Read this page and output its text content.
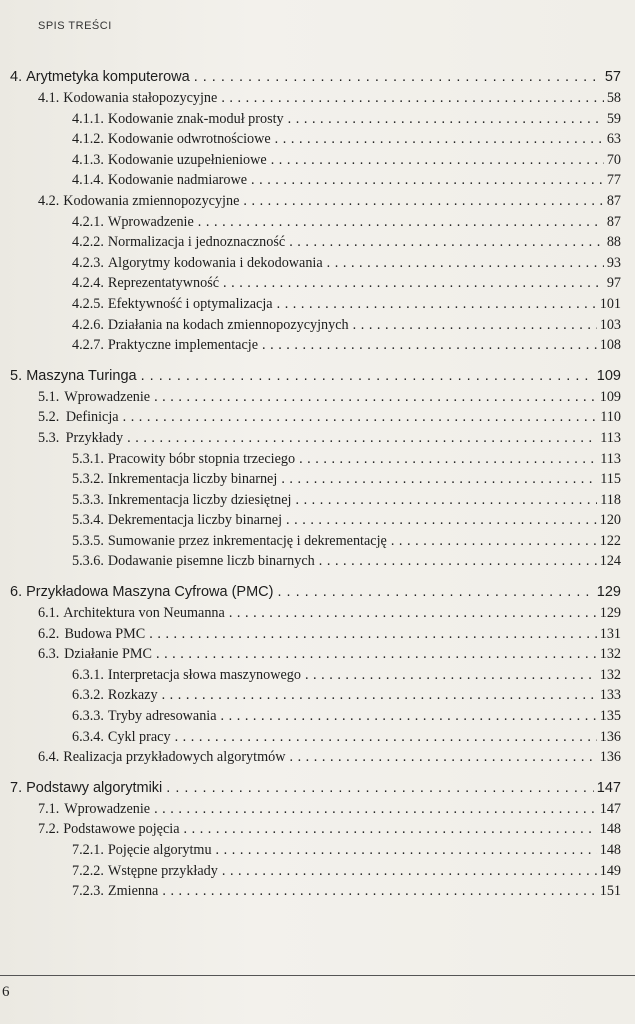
SPIS TREŚCI
4. Arytmetyka komputerowa . . .	57
4.1. Kodowania stałopozycyjne . . .	58
4.1.1. Kodowanie znak-moduł prosty . . .	59
4.1.2. Kodowanie odwrotnościowe . . .	63
4.1.3. Kodowanie uzupełnieniowe . . .	70
4.1.4. Kodowanie nadmiarowe . . .	77
4.2. Kodowania zmiennopozycyjne . . .	87
4.2.1. Wprowadzenie . . .	87
4.2.2. Normalizacja i jednoznaczność . . .	88
4.2.3. Algorytmy kodowania i dekodowania . . .	93
4.2.4. Reprezentatywność . . .	97
4.2.5. Efektywność i optymalizacja . . .	101
4.2.6. Działania na kodach zmiennopozycyjnych . . .	103
4.2.7. Praktyczne implementacje . . .	108
5. Maszyna Turinga . . .	109
5.1. Wprowadzenie . . .	109
5.2. Definicja . . .	110
5.3. Przykłady . . .	113
5.3.1. Pracowity bóbr stopnia trzeciego . . .	113
5.3.2. Inkrementacja liczby binarnej . . .	115
5.3.3. Inkrementacja liczby dziesiętnej . . .	118
5.3.4. Dekrementacja liczby binarnej . . .	120
5.3.5. Sumowanie przez inkrementację i dekrementację . . .	122
5.3.6. Dodawanie pisemne liczb binarnych . . .	124
6. Przykładowa Maszyna Cyfrowa (PMC) . . .	129
6.1. Architektura von Neumanna . . .	129
6.2. Budowa PMC . . .	131
6.3. Działanie PMC . . .	132
6.3.1. Interpretacja słowa maszynowego . . .	132
6.3.2. Rozkazy . . .	133
6.3.3. Tryby adresowania . . .	135
6.3.4. Cykl pracy . . .	136
6.4. Realizacja przykładowych algorytmów . . .	136
7. Podstawy algorytmiki . . .	147
7.1. Wprowadzenie . . .	147
7.2. Podstawowe pojęcia . . .	148
7.2.1. Pojęcie algorytmu . . .	148
7.2.2. Wstępne przykłady . . .	149
7.2.3. Zmienna . . .	151
6
